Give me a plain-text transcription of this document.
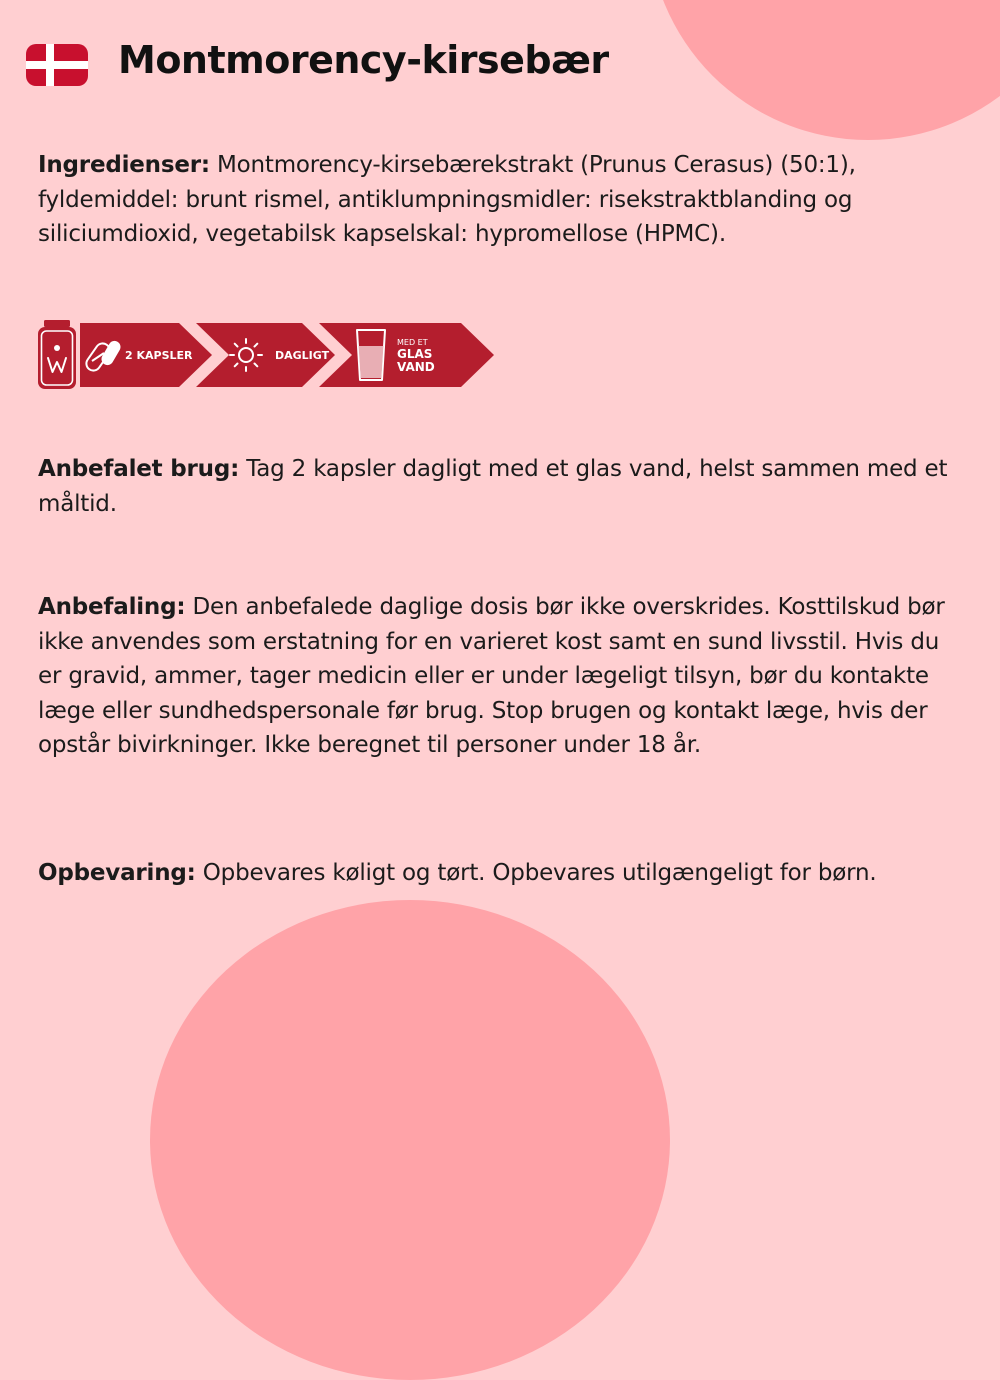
Montmorency-kirsebær

Ingredienser: Montmorency-kirsebærekstrakt (Prunus Cerasus) (50:1), fyldemiddel: brunt rismel, antiklumpningsmidler: risekstraktblanding og siliciumdioxid, vegetabilsk kapselskal: hypromellose (HPMC).

2 KAPSLER	DAGLIGT
MED ET
GLAS
VAND

Anbefalet brug: Tag 2 kapsler dagligt med et glas vand, helst sammen med et måltid.

Anbefaling: Den anbefalede daglige dosis bør ikke overskrides. Kosttilskud bør ikke anvendes som erstatning for en varieret kost samt en sund livsstil. Hvis du er gravid, ammer, tager medicin eller er under lægeligt tilsyn, bør du kontakte læge eller sundhedspersonale før brug. Stop brugen og kontakt læge, hvis der opstår bivirkninger. Ikke beregnet til personer under 18 år.

Opbevaring: Opbevares køligt og tørt. Opbevares utilgængeligt for børn.
